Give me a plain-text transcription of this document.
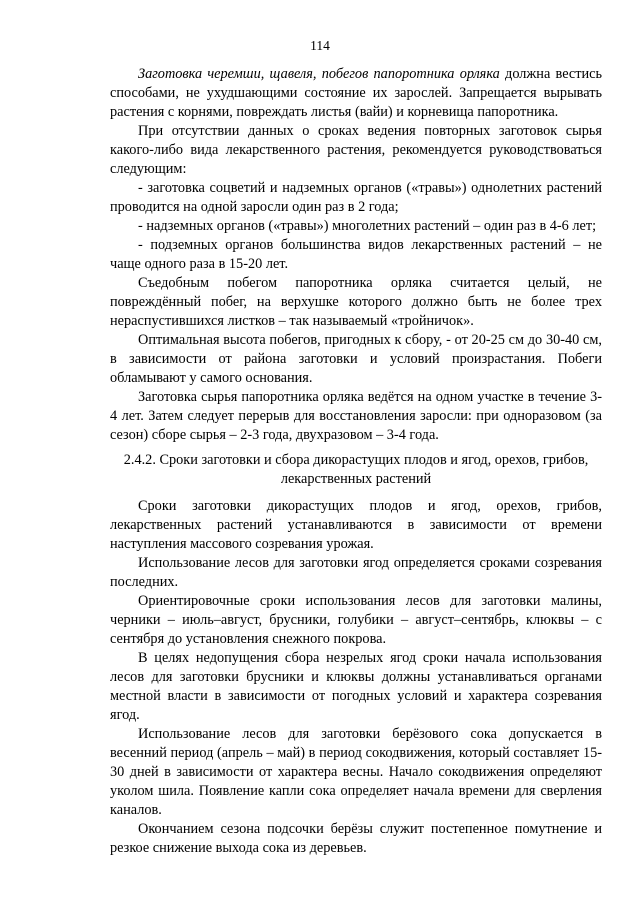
114

Заготовка черемши, щавеля, побегов папоротника орляка должна вестись способами, не ухудшающими состояние их зарослей. Запрещается вырывать растения с корнями, повреждать листья (вайи) и корневища папоротника.

При отсутствии данных о сроках ведения повторных заготовок сырья какого-либо вида лекарственного растения, рекомендуется руководствоваться следующим:

- заготовка соцветий и надземных органов («травы») однолетних растений проводится на одной заросли один раз в 2 года;

- надземных органов («травы») многолетних растений – один раз в 4-6 лет;

- подземных органов большинства видов лекарственных растений – не чаще одного раза в 15-20 лет.

Съедобным побегом папоротника орляка считается целый, не повреждённый побег, на верхушке которого должно быть не более трех нераспустившихся листков – так называемый «тройничок».

Оптимальная высота побегов, пригодных к сбору, - от 20-25 см до 30-40 см, в зависимости от района заготовки и условий произрастания. Побеги обламывают у самого основания.

Заготовка сырья папоротника орляка ведётся на одном участке в течение 3-4 лет. Затем следует перерыв для восстановления заросли: при одноразовом (за сезон) сборе сырья – 2-3 года, двухразовом – 3-4 года.

2.4.2. Сроки заготовки и сбора дикорастущих плодов и ягод, орехов, грибов,
лекарственных растений

Сроки заготовки дикорастущих плодов и ягод, орехов, грибов, лекарственных растений устанавливаются в зависимости от времени наступления массового созревания урожая.

Использование лесов для заготовки ягод определяется сроками созревания последних.

Ориентировочные сроки использования лесов для заготовки малины, черники – июль–август, брусники, голубики – август–сентябрь, клюквы – с сентября до установления снежного покрова.

В целях недопущения сбора незрелых ягод сроки начала использования лесов для заготовки брусники и клюквы должны устанавливаться органами местной власти в зависимости от погодных условий и характера созревания ягод.

Использование лесов для заготовки берёзового сока допускается в весенний период (апрель – май) в период сокодвижения, который составляет 15-30 дней в зависимости от характера весны. Начало сокодвижения определяют уколом шила. Появление капли сока определяет начала времени для сверления каналов.

Окончанием сезона подсочки берёзы служит постепенное помутнение и резкое снижение выхода сока из деревьев.
